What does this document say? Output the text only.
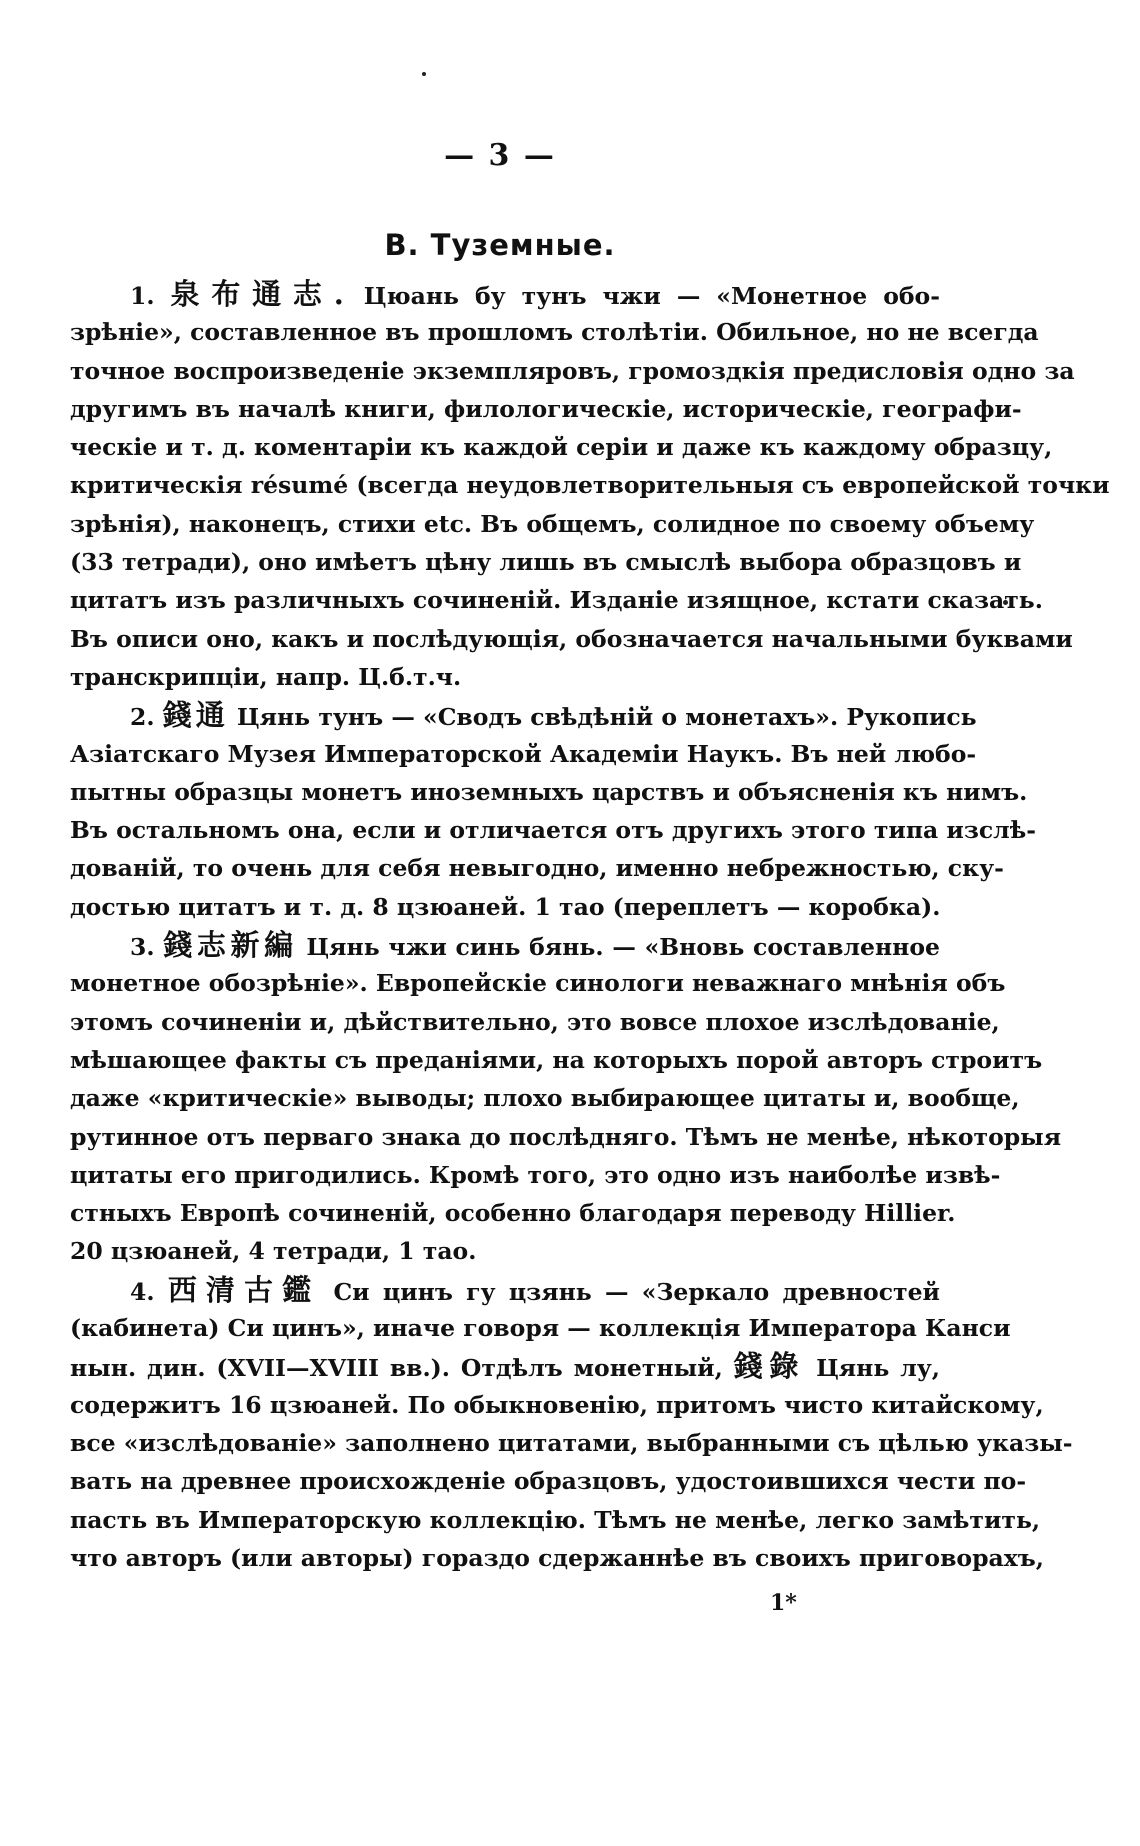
— 3 —
B. Туземные.
1. 泉布通志. Цюань бу тунъ чжи — «Монетное обо-
зрѣніе», составленное въ прошломъ столѣтіи. Обильное, но не всегда
точное воспроизведеніе экземпляровъ, громоздкія предисловія одно за
другимъ въ началѣ книги, филологическіе, историческіе, географи-
ческіе и т. д. коментаріи къ каждой серіи и даже къ каждому образцу,
критическія résumé (всегда неудовлетворительныя съ европейской точки
зрѣнія), наконецъ, стихи etc. Въ общемъ, солидное по своему объему
(33 тетради), оно имѣетъ цѣну лишь въ смыслѣ выбора образцовъ и
цитатъ изъ различныхъ сочиненій. Изданіе изящное, кстати сказать.
Въ описи оно, какъ и послѣдующія, обозначается начальными буквами
транскрипціи, напр. Ц.б.т.ч.
2. 錢通 Цянь тунъ — «Сводъ свѣдѣній о монетахъ». Рукопись
Азіатскаго Музея Императорской Академіи Наукъ. Въ ней любо-
пытны образцы монетъ иноземныхъ царствъ и объясненія къ нимъ.
Въ остальномъ она, если и отличается отъ другихъ этого типа изслѣ-
дованій, то очень для себя невыгодно, именно небрежностью, ску-
достью цитатъ и т. д. 8 цзюаней. 1 тао (переплетъ — коробка).
3. 錢志新編 Цянь чжи синь бянь. — «Вновь составленное
монетное обозрѣніе». Европейскіе синологи неважнаго мнѣнія объ
этомъ сочиненіи и, дѣйствительно, это вовсе плохое изслѣдованіе,
мѣшающее факты съ преданіями, на которыхъ порой авторъ строитъ
даже «критическіе» выводы; плохо выбирающее цитаты и, вообще,
рутинное отъ перваго знака до послѣдняго. Тѣмъ не менѣе, нѣкоторыя
цитаты его пригодились. Кромѣ того, это одно изъ наиболѣе извѣ-
стныхъ Европѣ сочиненій, особенно благодаря переводу Hillier.
20 цзюаней, 4 тетради, 1 тао.
4. 西清古鑑 Си цинъ гу цзянь — «Зеркало древностей
(кабинета) Си цинъ», иначе говоря — коллекція Императора Канси
нын. дин. (XVII—XVIII вв.). Отдѣлъ монетный, 錢錄 Цянь лу,
содержитъ 16 цзюаней. По обыкновенію, притомъ чисто китайскому,
все «изслѣдованіе» заполнено цитатами, выбранными съ цѣлью указы-
вать на древнее происхожденіе образцовъ, удостоившихся чести по-
пасть въ Императорскую коллекцію. Тѣмъ не менѣе, легко замѣтить,
что авторъ (или авторы) гораздо сдержаннѣе въ своихъ приговорахъ,
1*
